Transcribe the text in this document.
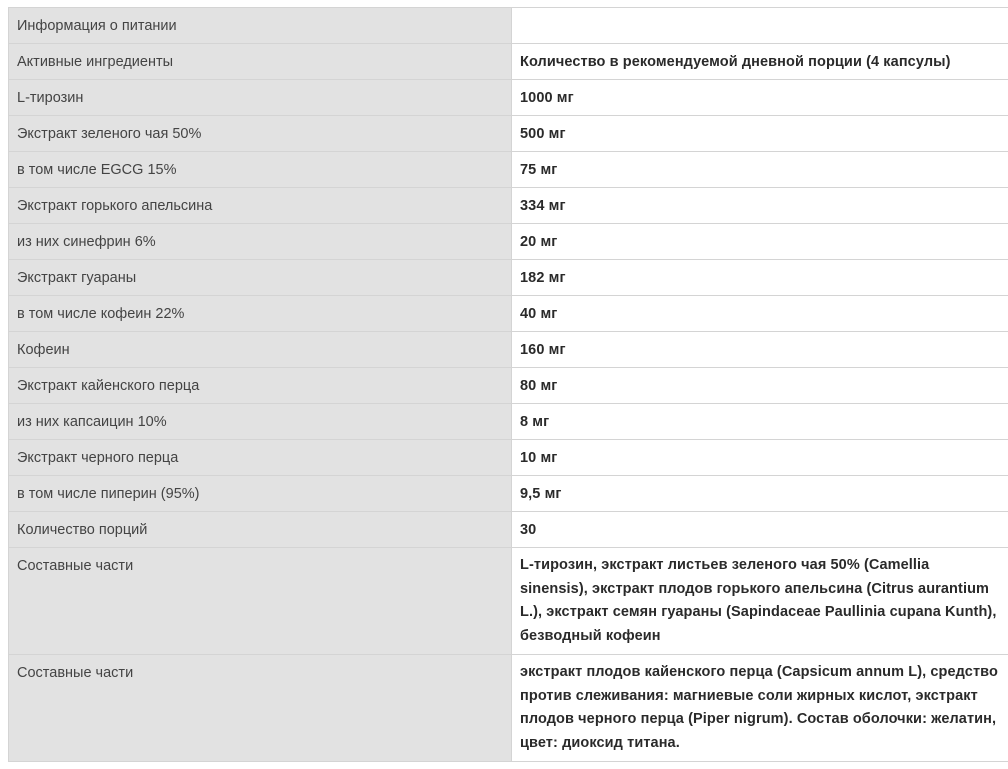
Информация о питании	
Активные ингредиенты	Количество в рекомендуемой дневной порции (4 капсулы)
L-тирозин	1000 мг
Экстракт зеленого чая 50%	500 мг
в том числе EGCG 15%	75 мг
Экстракт горького апельсина	334 мг
из них синефрин 6%	20 мг
Экстракт гуараны	182 мг
в том числе кофеин 22%	40 мг
Кофеин	160 мг
Экстракт кайенского перца	80 мг
из них капсаицин 10%	8 мг
Экстракт черного перца	10 мг
в том числе пиперин (95%)	9,5 мг
Количество порций	30
Составные части	L-тирозин, экстракт листьев зеленого чая 50% (Camellia sinensis), экстракт плодов горького апельсина (Citrus aurantium L.), экстракт семян гуараны (Sapindaceae Paullinia cupana Kunth), безводный кофеин
Составные части	экстракт плодов кайенского перца (Capsicum annum L), средство против слеживания: магниевые соли жирных кислот, экстракт плодов черного перца (Piper nigrum). Состав оболочки: желатин, цвет: диоксид титана.
